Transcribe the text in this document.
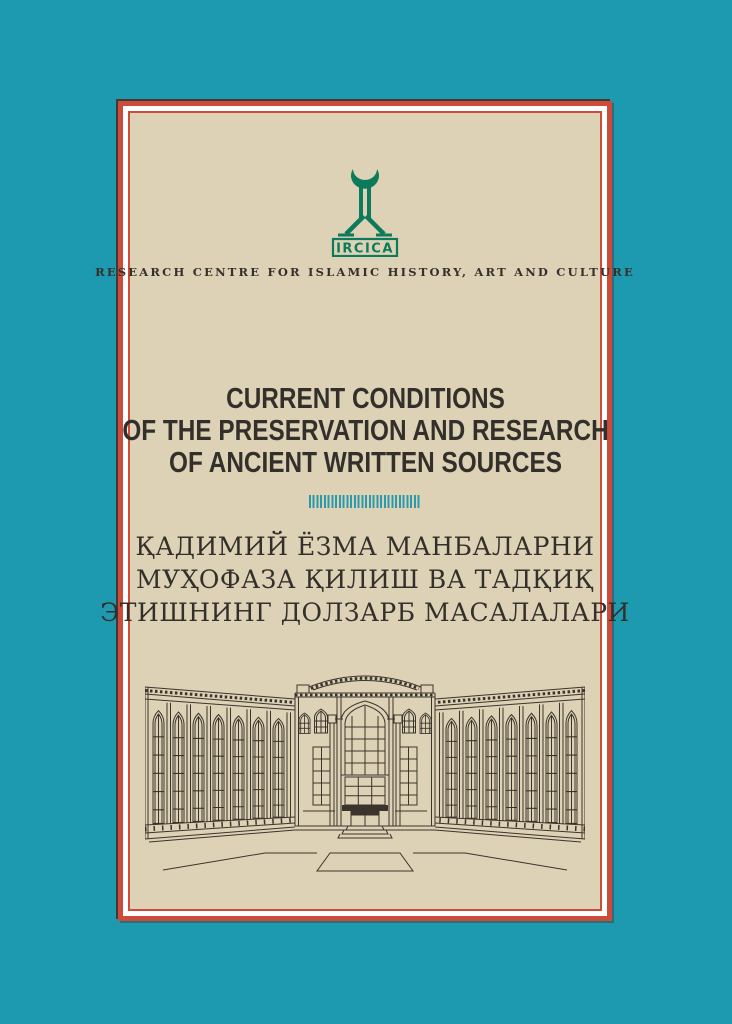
IRCICA
RESEARCH CENTRE FOR ISLAMIC HISTORY, ART AND CULTURE
CURRENT CONDITIONS
OF THE PRESERVATION AND RESEARCH
OF ANCIENT WRITTEN SOURCES
ҚАДИМИЙ ЁЗМА МАНБАЛАРНИ
МУҲОФАЗА ҚИЛИШ ВА ТАДҚИҚ
ЭТИШНИНГ ДОЛЗАРБ МАСАЛАЛАРИ
